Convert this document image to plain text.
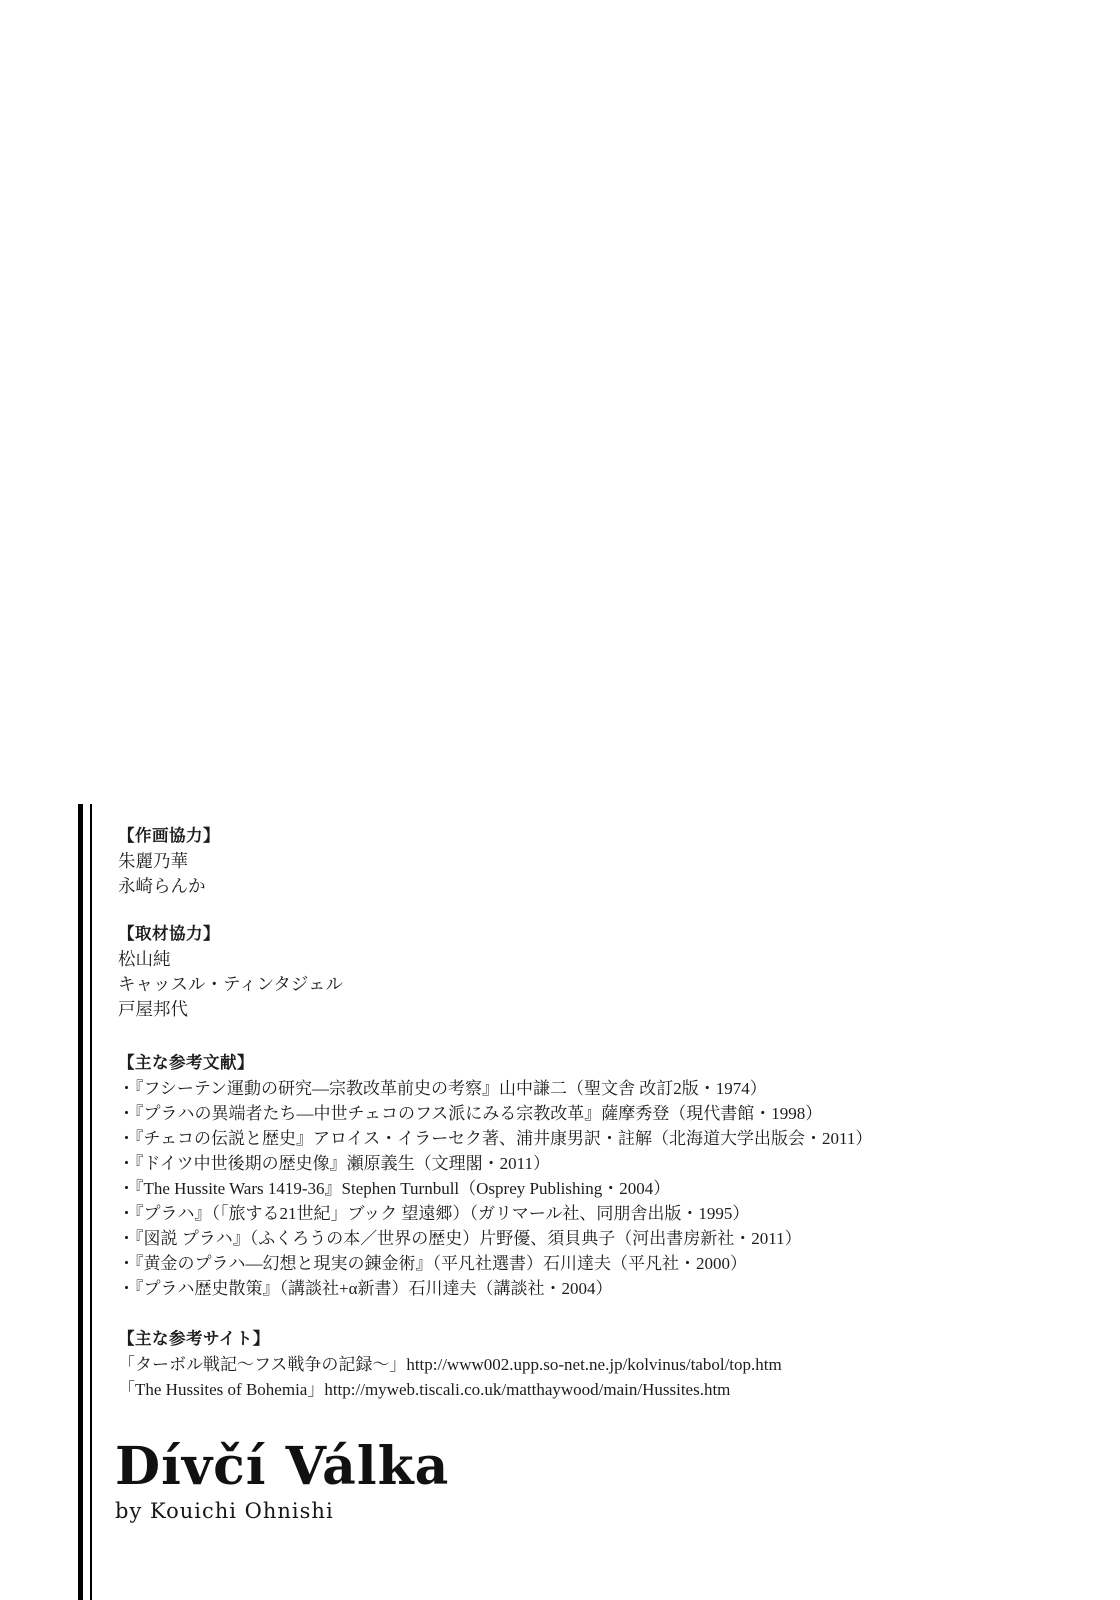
【作画協力】
朱麗乃華
永崎らんか
【取材協力】
松山純
キャッスル・ティンタジェル
戸屋邦代
【主な参考文献】
・『フシーテン運動の研究―宗教改革前史の考察』山中謙二（聖文舎 改訂2版・1974）
・『プラハの異端者たち―中世チェコのフス派にみる宗教改革』薩摩秀登（現代書館・1998）
・『チェコの伝説と歴史』アロイス・イラーセク著、浦井康男訳・註解（北海道大学出版会・2011）
・『ドイツ中世後期の歴史像』瀬原義生（文理閣・2011）
・『The Hussite Wars 1419-36』Stephen Turnbull（Osprey Publishing・2004）
・『プラハ』（「旅する21世紀」ブック 望遠郷）（ガリマール社、同朋舎出版・1995）
・『図説 プラハ』（ふくろうの本／世界の歴史）片野優、須貝典子（河出書房新社・2011）
・『黄金のプラハ―幻想と現実の錬金術』（平凡社選書）石川達夫（平凡社・2000）
・『プラハ歴史散策』（講談社+α新書）石川達夫（講談社・2004）
【主な参考サイト】
「ターボル戦記～フス戦争の記録～」http://www002.upp.so-net.ne.jp/kolvinus/tabol/top.htm
「The Hussites of Bohemia」http://myweb.tiscali.co.uk/matthaywood/main/Hussites.htm
Dívčí Válka
by Kouichi Ohnishi
